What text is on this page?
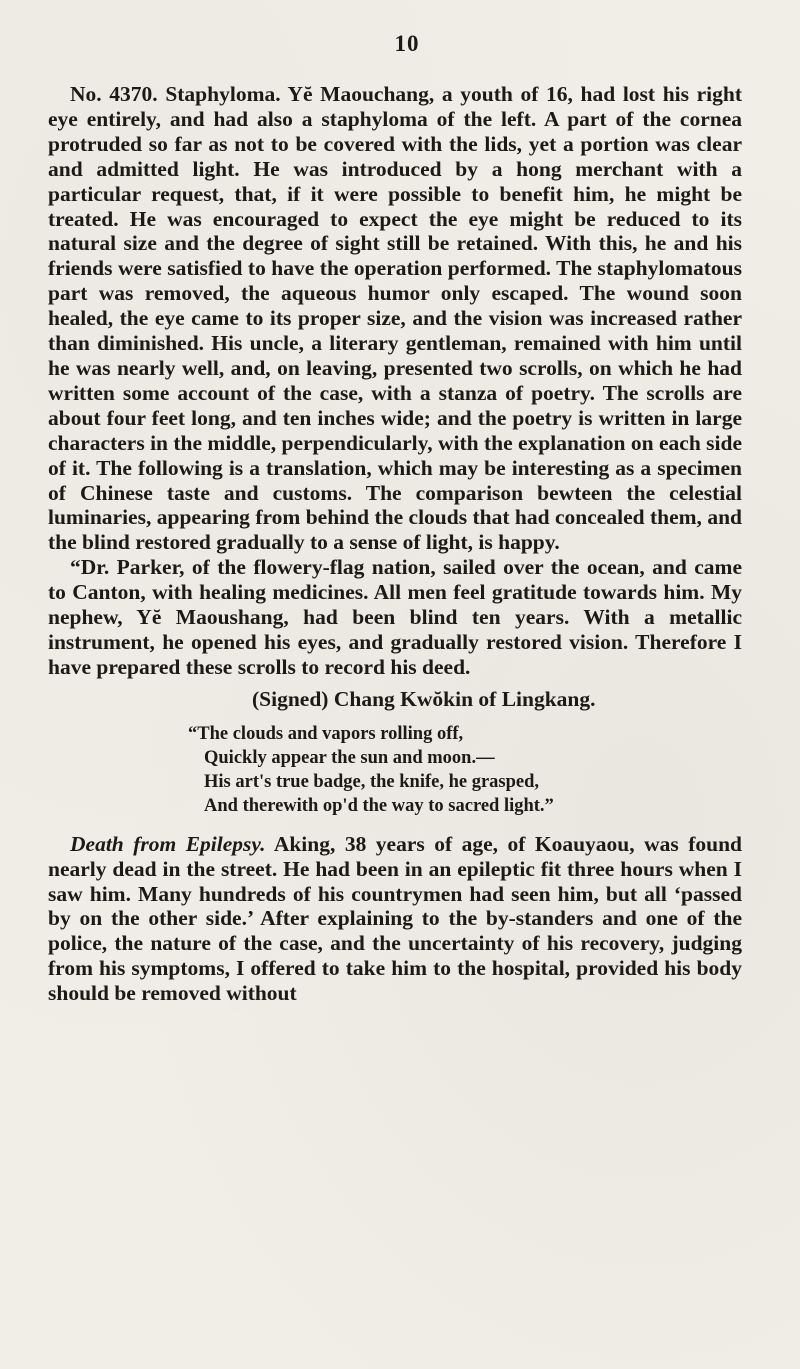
10

No. 4370. Staphyloma. Yĕ Maouchang, a youth of 16, had lost his right eye entirely, and had also a staphyloma of the left. A part of the cornea protruded so far as not to be covered with the lids, yet a portion was clear and admitted light. He was introduced by a hong merchant with a particular request, that, if it were possible to benefit him, he might be treated. He was encouraged to expect the eye might be reduced to its natural size and the degree of sight still be retained. With this, he and his friends were satisfied to have the operation performed. The staphylomatous part was removed, the aqueous humor only escaped. The wound soon healed, the eye came to its proper size, and the vision was increased rather than diminished. His uncle, a literary gentleman, remained with him until he was nearly well, and, on leaving, presented two scrolls, on which he had written some account of the case, with a stanza of poetry. The scrolls are about four feet long, and ten inches wide; and the poetry is written in large characters in the middle, perpendicularly, with the explanation on each side of it. The following is a translation, which may be interesting as a specimen of Chinese taste and customs. The comparison bewteen the celestial luminaries, appearing from behind the clouds that had concealed them, and the blind restored gradually to a sense of light, is happy.

“Dr. Parker, of the flowery-flag nation, sailed over the ocean, and came to Canton, with healing medicines. All men feel gratitude towards him. My nephew, Yĕ Maoushang, had been blind ten years. With a metallic instrument, he opened his eyes, and gradually restored vision. Therefore I have prepared these scrolls to record his deed.

(Signed) Chang Kwŏkin of Lingkang.
“The clouds and vapors rolling off,
Quickly appear the sun and moon.—
His art's true badge, the knife, he grasped,
And therewith op'd the way to sacred light.”

Death from Epilepsy. Aking, 38 years of age, of Koauyaou, was found nearly dead in the street. He had been in an epileptic fit three hours when I saw him. Many hundreds of his countrymen had seen him, but all ‘passed by on the other side.’ After explaining to the by-standers and one of the police, the nature of the case, and the uncertainty of his recovery, judging from his symptoms, I offered to take him to the hospital, provided his body should be removed without
